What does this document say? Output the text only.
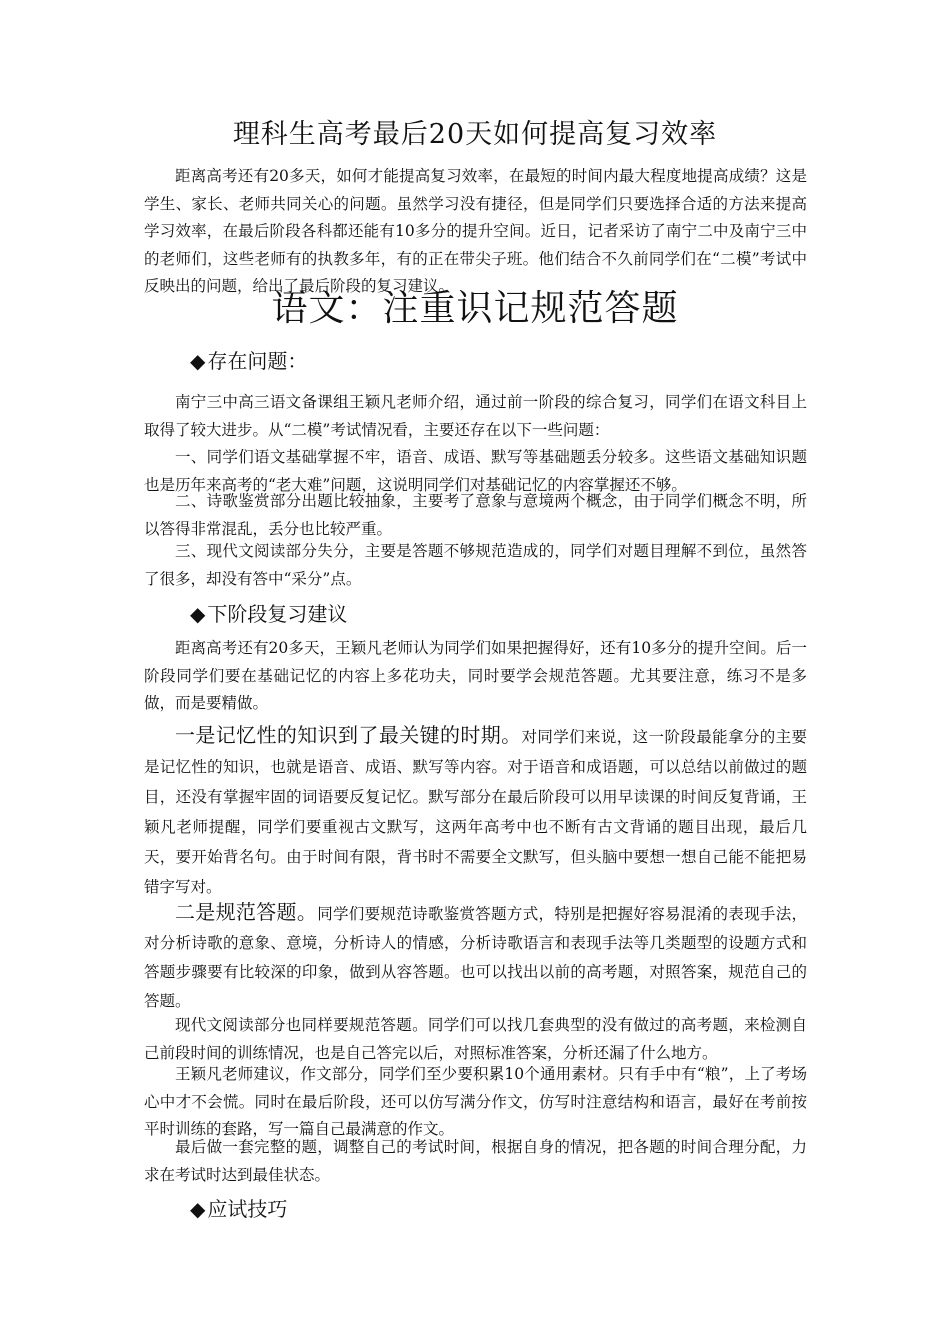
理科生高考最后20天如何提高复习效率

距离高考还有20多天，如何才能提高复习效率，在最短的时间内最大程度地提高成绩？这是学生、家长、老师共同关心的问题。虽然学习没有捷径，但是同学们只要选择合适的方法来提高学习效率，在最后阶段各科都还能有10多分的提升空间。近日，记者采访了南宁二中及南宁三中的老师们，这些老师有的执教多年，有的正在带尖子班。他们结合不久前同学们在“二模”考试中反映出的问题，给出了最后阶段的复习建议。

语文：注重识记规范答题
◆ 存在问题：

南宁三中高三语文备课组王颖凡老师介绍，通过前一阶段的综合复习，同学们在语文科目上取得了较大进步。从“二模”考试情况看，主要还存在以下一些问题：

一、同学们语文基础掌握不牢，语音、成语、默写等基础题丢分较多。这些语文基础知识题也是历年来高考的“老大难”问题，这说明同学们对基础记忆的内容掌握还不够。

二、诗歌鉴赏部分出题比较抽象，主要考了意象与意境两个概念，由于同学们概念不明，所以答得非常混乱，丢分也比较严重。

三、现代文阅读部分失分，主要是答题不够规范造成的，同学们对题目理解不到位，虽然答了很多，却没有答中“采分”点。

◆ 下阶段复习建议

距离高考还有20多天，王颖凡老师认为同学们如果把握得好，还有10多分的提升空间。后一阶段同学们要在基础记忆的内容上多花功夫，同时要学会规范答题。尤其要注意，练习不是多做，而是要精做。

一是记忆性的知识到了最关键的时期。对同学们来说，这一阶段最能拿分的主要是记忆性的知识，也就是语音、成语、默写等内容。对于语音和成语题，可以总结以前做过的题目，还没有掌握牢固的词语要反复记忆。默写部分在最后阶段可以用早读课的时间反复背诵，王颖凡老师提醒，同学们要重视古文默写，这两年高考中也不断有古文背诵的题目出现，最后几天，要开始背名句。由于时间有限，背书时不需要全文默写，但头脑中要想一想自己能不能把易错字写对。

二是规范答题。同学们要规范诗歌鉴赏答题方式，特别是把握好容易混淆的表现手法，对分析诗歌的意象、意境，分析诗人的情感，分析诗歌语言和表现手法等几类题型的设题方式和答题步骤要有比较深的印象，做到从容答题。也可以找出以前的高考题，对照答案，规范自己的答题。

现代文阅读部分也同样要规范答题。同学们可以找几套典型的没有做过的高考题，来检测自己前段时间的训练情况，也是自己答完以后，对照标准答案，分析还漏了什么地方。

王颖凡老师建议，作文部分，同学们至少要积累10个通用素材。只有手中有“粮”，上了考场心中才不会慌。同时在最后阶段，还可以仿写满分作文，仿写时注意结构和语言，最好在考前按平时训练的套路，写一篇自己最满意的作文。

最后做一套完整的题，调整自己的考试时间，根据自身的情况，把各题的时间合理分配，力求在考试时达到最佳状态。

◆ 应试技巧
